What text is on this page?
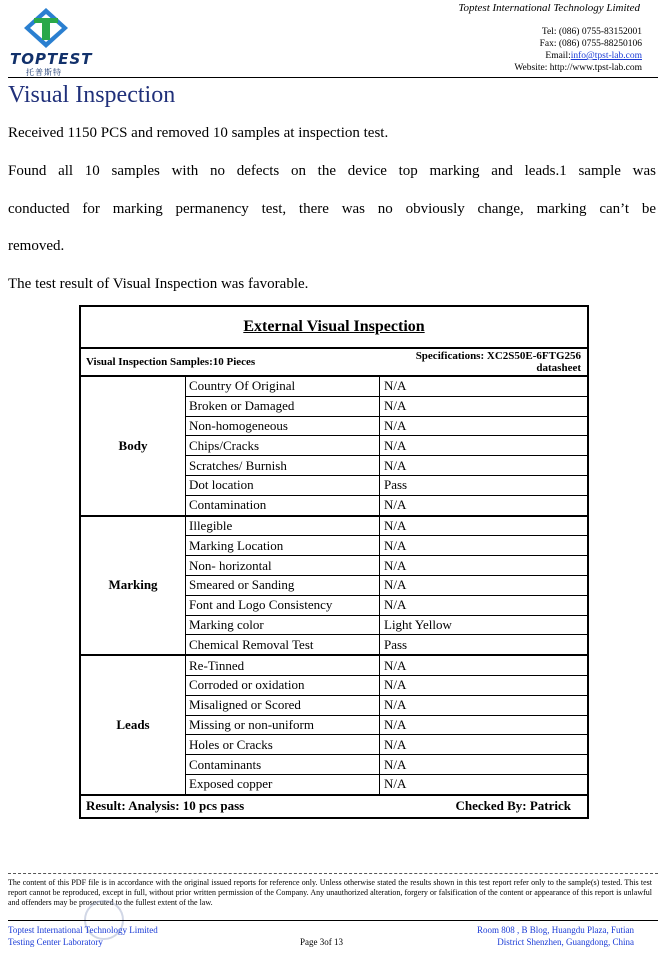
TOPTEST
托普斯特
Toptest International Technology Limited
Tel: (086) 0755-83152001
Fax: (086) 0755-88250106
Email:info@tpst-lab.com
Website: http://www.tpst-lab.com
Visual Inspection
Received 1150 PCS and removed 10 samples at inspection test.
Found all 10 samples with no defects on the device top marking and leads.1 sample was
conducted for marking permanency test, there was no obviously change, marking can’t be
removed.
The test result of Visual Inspection was favorable.
External Visual Inspection		
Visual Inspection Samples:10 Pieces		Specifications: XC2S50E-6FTG256 datasheet
Body	Country Of Original	N/A
	Broken or Damaged	N/A
	Non-homogeneous	N/A
	Chips/Cracks	N/A
	Scratches/ Burnish	N/A
	Dot location	Pass
	Contamination	N/A
Marking	Illegible	N/A
	Marking Location	N/A
	Non- horizontal	N/A
	Smeared or Sanding	N/A
	Font and Logo Consistency	N/A
	Marking color	Light Yellow
	Chemical Removal Test	Pass
Leads	Re-Tinned	N/A
	Corroded or oxidation	N/A
	Misaligned or Scored	N/A
	Missing or non-uniform	N/A
	Holes or Cracks	N/A
	Contaminants	N/A
	Exposed copper	N/A
Result: Analysis: 10 pcs pass		Checked By: Patrick
The content of this PDF file is in accordance with the original issued reports for reference only. Unless otherwise stated the results shown in this test report refer only to the sample(s) tested. This test report cannot be reproduced, except in full, without prior written permission of the Company. Any unauthorized alteration, forgery or falsification of the content or appearance of this report is unlawful and offenders may be prosecuted to the fullest extent of the law.
Toptest International Technology Limited
Testing Center Laboratory	Page 3of 13
Room 808 , B Blog, Huangdu Plaza, Futian
District Shenzhen, Guangdong, China
